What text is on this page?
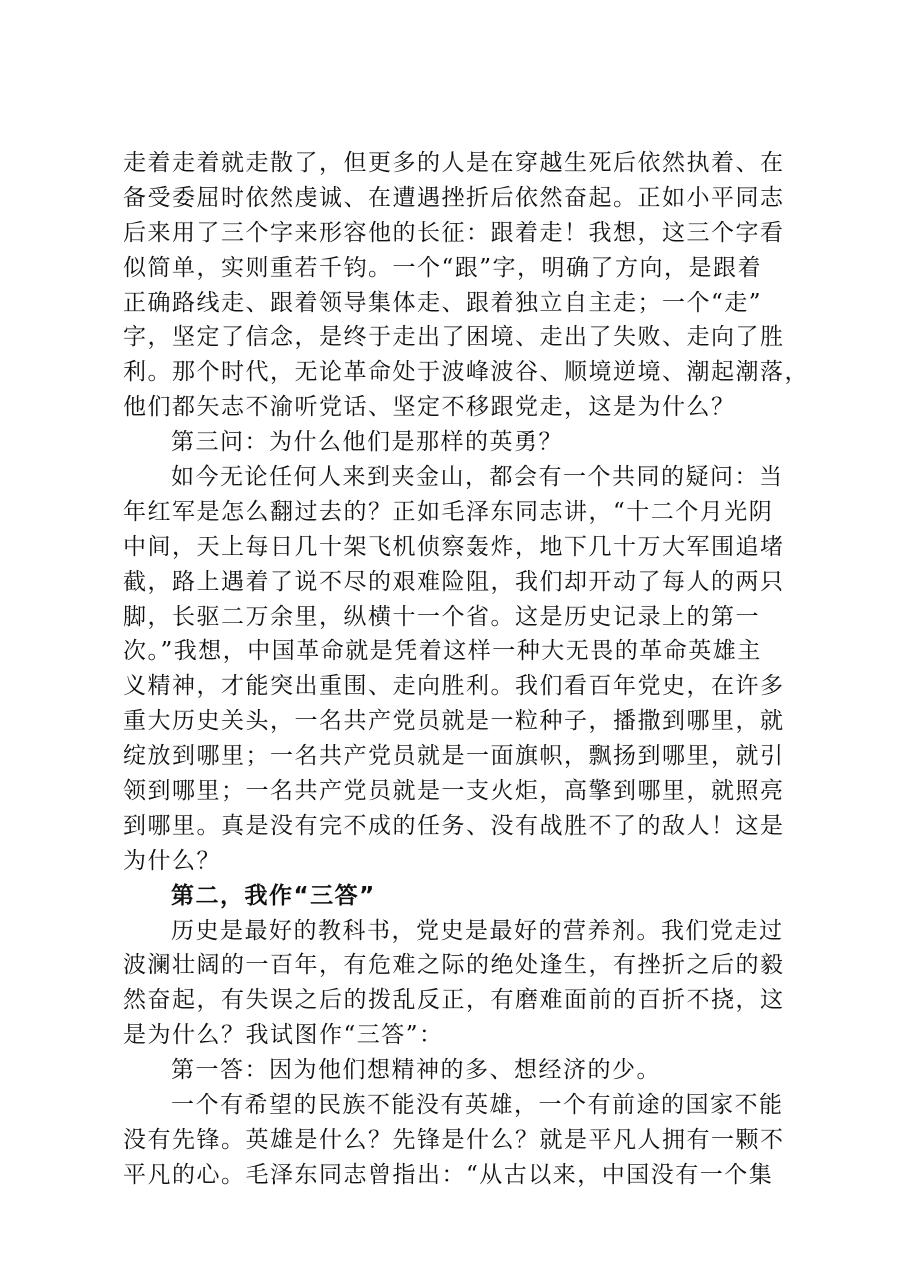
走着走着就走散了，但更多的人是在穿越生死后依然执着、在
备受委屈时依然虔诚、在遭遇挫折后依然奋起。正如小平同志
后来用了三个字来形容他的长征：跟着走！我想，这三个字看
似简单，实则重若千钧。一个“跟”字，明确了方向，是跟着
正确路线走、跟着领导集体走、跟着独立自主走；一个“走”
字，坚定了信念，是终于走出了困境、走出了失败、走向了胜
利。那个时代，无论革命处于波峰波谷、顺境逆境、潮起潮落，
他们都矢志不渝听党话、坚定不移跟党走，这是为什么？
第三问：为什么他们是那样的英勇？
如今无论任何人来到夹金山，都会有一个共同的疑问：当
年红军是怎么翻过去的？正如毛泽东同志讲，“十二个月光阴
中间，天上每日几十架飞机侦察轰炸，地下几十万大军围追堵
截，路上遇着了说不尽的艰难险阻，我们却开动了每人的两只
脚，长驱二万余里，纵横十一个省。这是历史记录上的第一
次。”我想，中国革命就是凭着这样一种大无畏的革命英雄主
义精神，才能突出重围、走向胜利。我们看百年党史，在许多
重大历史关头，一名共产党员就是一粒种子，播撒到哪里，就
绽放到哪里；一名共产党员就是一面旗帜，飘扬到哪里，就引
领到哪里；一名共产党员就是一支火炬，高擎到哪里，就照亮
到哪里。真是没有完不成的任务、没有战胜不了的敌人！这是
为什么？
第二，我作“三答”
历史是最好的教科书，党史是最好的营养剂。我们党走过
波澜壮阔的一百年，有危难之际的绝处逢生，有挫折之后的毅
然奋起，有失误之后的拨乱反正，有磨难面前的百折不挠，这
是为什么？我试图作“三答”：
第一答：因为他们想精神的多、想经济的少。
一个有希望的民族不能没有英雄，一个有前途的国家不能
没有先锋。英雄是什么？先锋是什么？就是平凡人拥有一颗不
平凡的心。毛泽东同志曾指出：“从古以来，中国没有一个集
